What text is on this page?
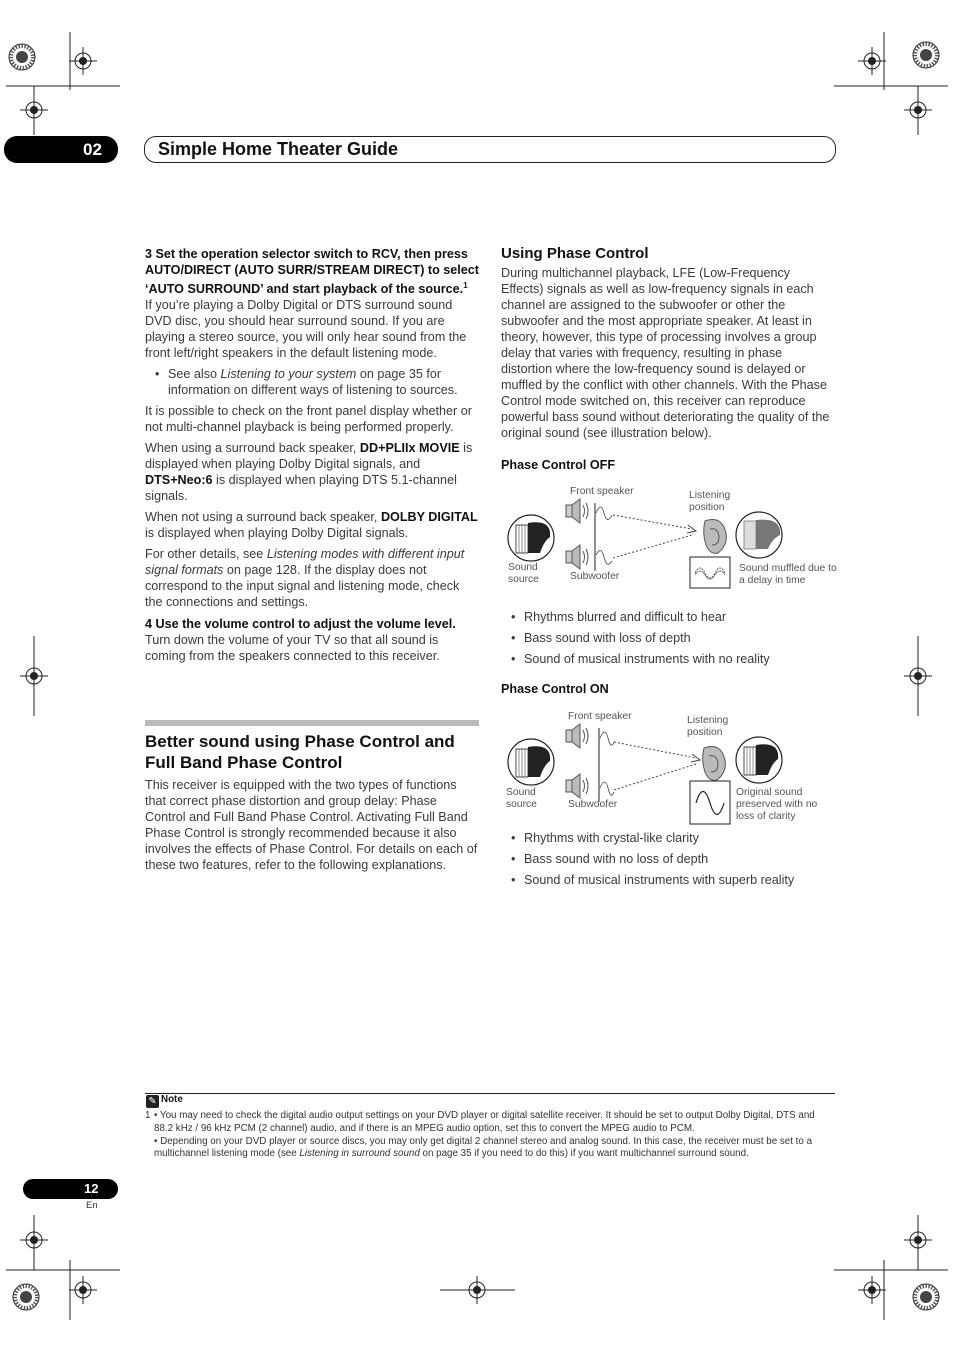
02	Simple Home Theater Guide

3 Set the operation selector switch to RCV, then press AUTO/DIRECT (AUTO SURR/STREAM DIRECT) to select ‘AUTO SURROUND’ and start playback of the source.$^1$

If you’re playing a Dolby Digital or DTS surround sound DVD disc, you should hear surround sound. If you are playing a stereo source, you will only hear sound from the front left/right speakers in the default listening mode.

• See also Listening to your system on page 35 for information on different ways of listening to sources.

It is possible to check on the front panel display whether or not multi-channel playback is being performed properly.

When using a surround back speaker, DD+PLIIx MOVIE is displayed when playing Dolby Digital signals, and DTS+Neo:6 is displayed when playing DTS 5.1-channel signals.

When not using a surround back speaker, DOLBY DIGITAL is displayed when playing Dolby Digital signals.

For other details, see Listening modes with different input signal formats on page 128. If the display does not correspond to the input signal and listening mode, check the connections and settings.

4 Use the volume control to adjust the volume level.

Turn down the volume of your TV so that all sound is coming from the speakers connected to this receiver.

Better sound using Phase Control and Full Band Phase Control
This receiver is equipped with the two types of functions that correct phase distortion and group delay: Phase Control and Full Band Phase Control. Activating Full Band Phase Control is strongly recommended because it also involves the effects of Phase Control. For details on each of these two features, refer to the following explanations.
Using Phase Control
During multichannel playback, LFE (Low-Frequency Effects) signals as well as low-frequency signals in each channel are assigned to the subwoofer or other the subwoofer and the most appropriate speaker. At least in theory, however, this type of processing involves a group delay that varies with frequency, resulting in phase distortion where the low-frequency sound is delayed or muffled by the conflict with other channels. With the Phase Control mode switched on, this receiver can reproduce powerful bass sound without deteriorating the quality of the original sound (see illustration below).
Phase Control OFF
Front speaker	Listening position
Sound source	Subwoofer
Sound muffled due to a delay in time
• Rhythms blurred and difficult to hear
• Bass sound with loss of depth
• Sound of musical instruments with no reality
Phase Control ON
Front speaker	Listening position
Sound source	Subwoofer
Original sound preserved with no loss of clarity
• Rhythms with crystal-like clarity
• Bass sound with no loss of depth
• Sound of musical instruments with superb reality
✎ Note
1 • You may need to check the digital audio output settings on your DVD player or digital satellite receiver. It should be set to output Dolby Digital, DTS and 88.2 kHz / 96 kHz PCM (2 channel) audio, and if there is an MPEG audio option, set this to convert the MPEG audio to PCM.

• Depending on your DVD player or source discs, you may only get digital 2 channel stereo and analog sound. In this case, the receiver must be set to a multichannel listening mode (see Listening in surround sound on page 35 if you need to do this) if you want multichannel surround sound.

12
En
